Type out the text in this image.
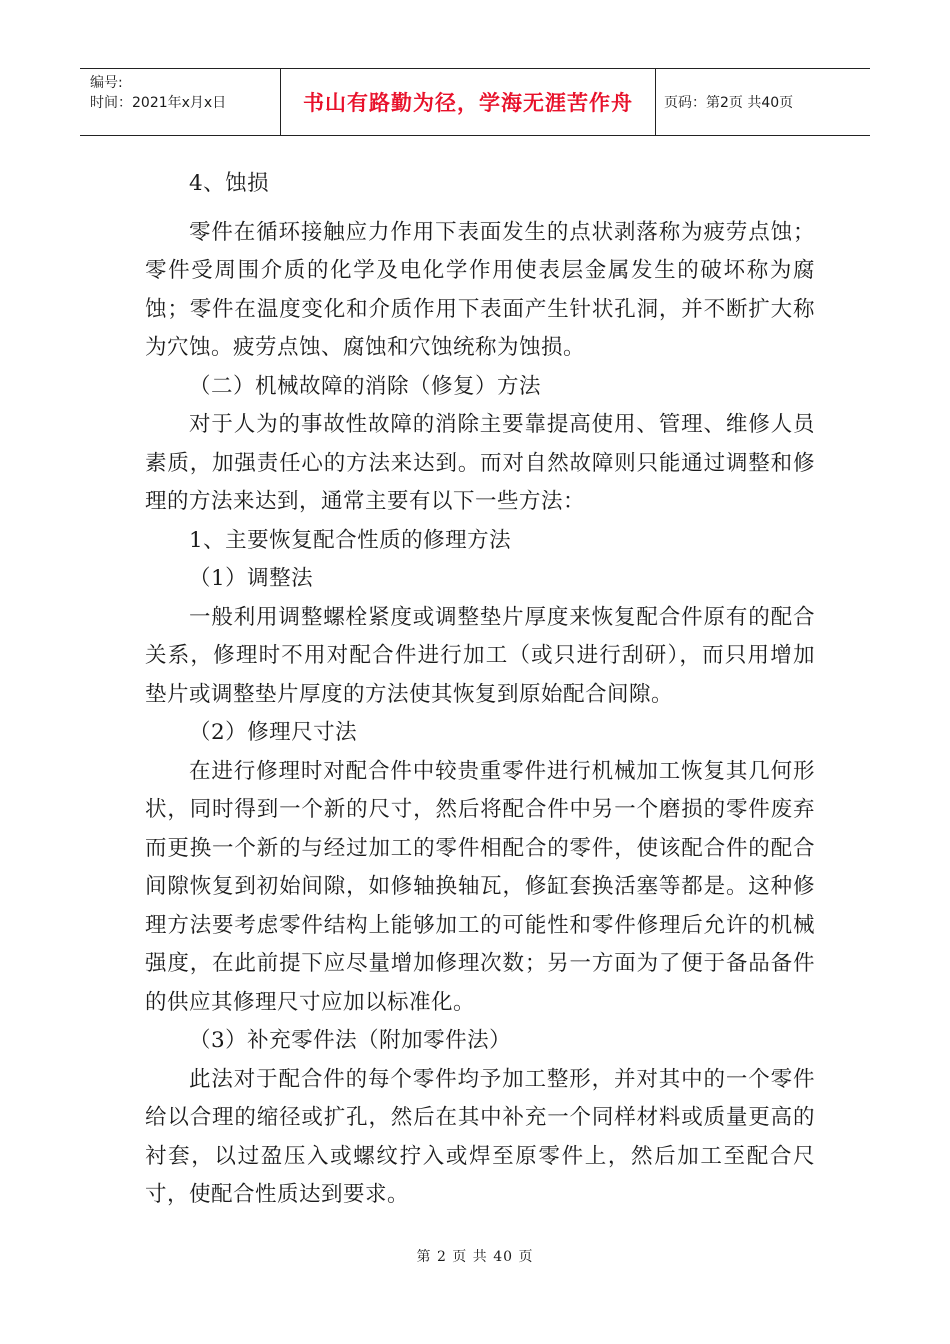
编号:
时间：2021年x月x日	书山有路勤为径，学海无涯苦作舟	页码：第2页 共40页

4、蚀损

零件在循环接触应力作用下表面发生的点状剥落称为疲劳点蚀；零件受周围介质的化学及电化学作用使表层金属发生的破坏称为腐蚀；零件在温度变化和介质作用下表面产生针状孔洞，并不断扩大称为穴蚀。疲劳点蚀、腐蚀和穴蚀统称为蚀损。

（二）机械故障的消除（修复）方法

对于人为的事故性故障的消除主要靠提高使用、管理、维修人员素质，加强责任心的方法来达到。而对自然故障则只能通过调整和修理的方法来达到，通常主要有以下一些方法：

1、主要恢复配合性质的修理方法

（1）调整法

一般利用调整螺栓紧度或调整垫片厚度来恢复配合件原有的配合关系，修理时不用对配合件进行加工（或只进行刮研），而只用增加垫片或调整垫片厚度的方法使其恢复到原始配合间隙。

（2）修理尺寸法

在进行修理时对配合件中较贵重零件进行机械加工恢复其几何形状，同时得到一个新的尺寸，然后将配合件中另一个磨损的零件废弃而更换一个新的与经过加工的零件相配合的零件，使该配合件的配合间隙恢复到初始间隙，如修轴换轴瓦，修缸套换活塞等都是。这种修理方法要考虑零件结构上能够加工的可能性和零件修理后允许的机械强度，在此前提下应尽量增加修理次数；另一方面为了便于备品备件的供应其修理尺寸应加以标准化。

（3）补充零件法（附加零件法）

此法对于配合件的每个零件均予加工整形，并对其中的一个零件给以合理的缩径或扩孔，然后在其中补充一个同样材料或质量更高的衬套，以过盈压入或螺纹拧入或焊至原零件上，然后加工至配合尺寸，使配合性质达到要求。

第 2 页 共 40 页
